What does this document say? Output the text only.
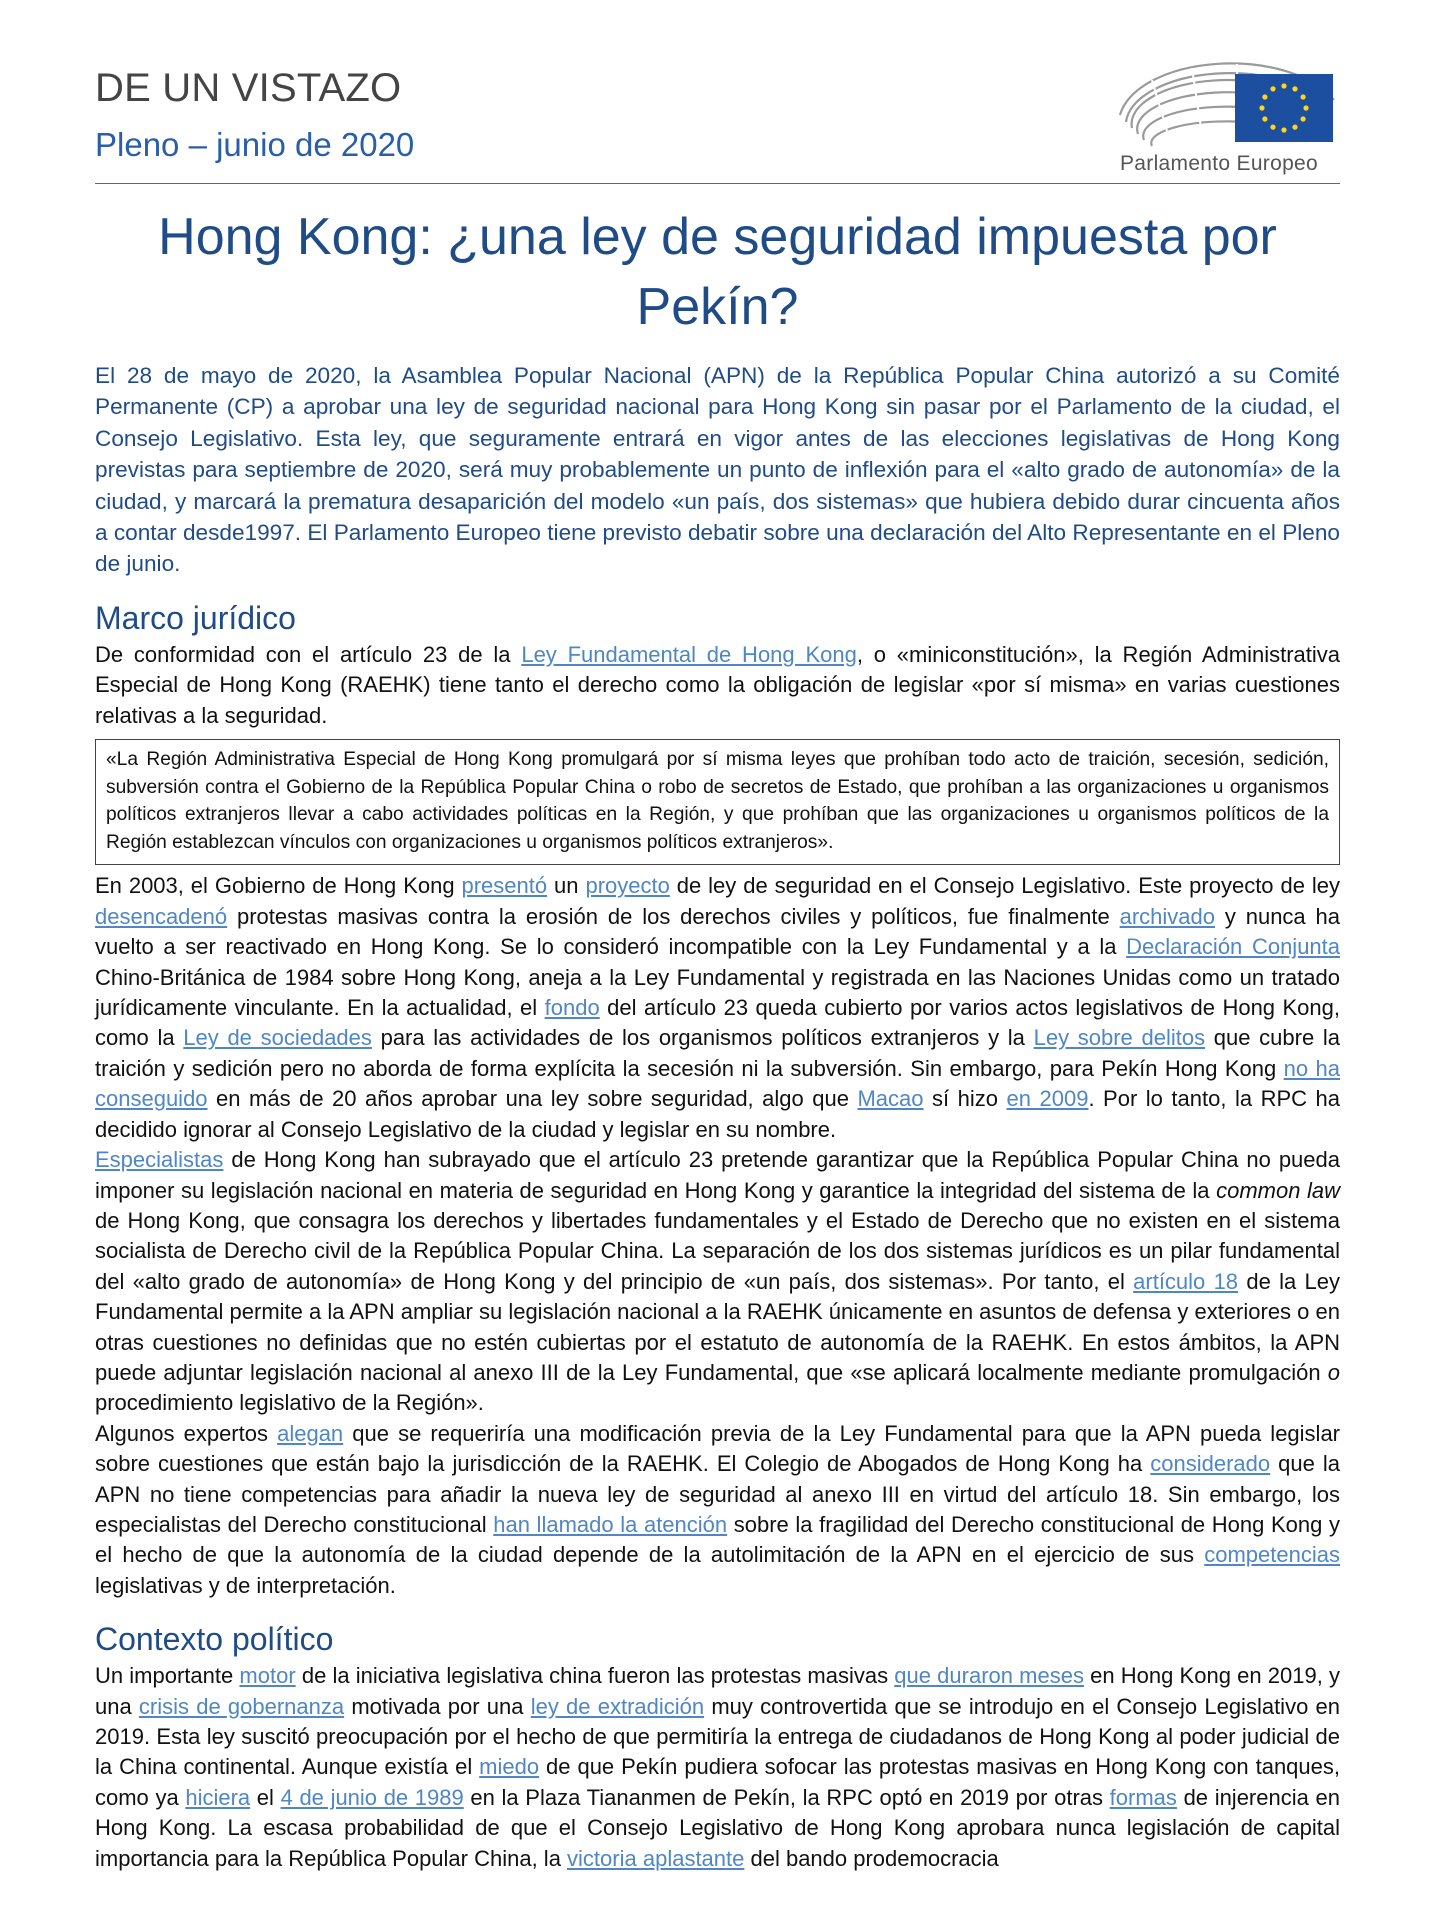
DE UN VISTAZO
Pleno – junio de 2020
Parlamento Europeo
Hong Kong: ¿una ley de seguridad impuesta por Pekín?

El 28 de mayo de 2020, la Asamblea Popular Nacional (APN) de la República Popular China autorizó a su Comité Permanente (CP) a aprobar una ley de seguridad nacional para Hong Kong sin pasar por el Parlamento de la ciudad, el Consejo Legislativo. Esta ley, que seguramente entrará en vigor antes de las elecciones legislativas de Hong Kong previstas para septiembre de 2020, será muy probablemente un punto de inflexión para el «alto grado de autonomía» de la ciudad, y marcará la prematura desaparición del modelo «un país, dos sistemas» que hubiera debido durar cincuenta años a contar desde1997. El Parlamento Europeo tiene previsto debatir sobre una declaración del Alto Representante en el Pleno de junio.

Marco jurídico

De conformidad con el artículo 23 de la Ley Fundamental de Hong Kong, o «miniconstitución», la Región Administrativa Especial de Hong Kong (RAEHK) tiene tanto el derecho como la obligación de legislar «por sí misma» en varias cuestiones relativas a la seguridad.

«La Región Administrativa Especial de Hong Kong promulgará por sí misma leyes que prohíban todo acto de traición, secesión, sedición, subversión contra el Gobierno de la República Popular China o robo de secretos de Estado, que prohíban a las organizaciones u organismos políticos extranjeros llevar a cabo actividades políticas en la Región, y que prohíban que las organizaciones u organismos políticos de la Región establezcan vínculos con organizaciones u organismos políticos extranjeros».

En 2003, el Gobierno de Hong Kong presentó un proyecto de ley de seguridad en el Consejo Legislativo. Este proyecto de ley desencadenó protestas masivas contra la erosión de los derechos civiles y políticos, fue finalmente archivado y nunca ha vuelto a ser reactivado en Hong Kong. Se lo consideró incompatible con la Ley Fundamental y a la Declaración Conjunta Chino-Británica de 1984 sobre Hong Kong, aneja a la Ley Fundamental y registrada en las Naciones Unidas como un tratado jurídicamente vinculante. En la actualidad, el fondo del artículo 23 queda cubierto por varios actos legislativos de Hong Kong, como la Ley de sociedades para las actividades de los organismos políticos extranjeros y la Ley sobre delitos que cubre la traición y sedición pero no aborda de forma explícita la secesión ni la subversión. Sin embargo, para Pekín Hong Kong no ha conseguido en más de 20 años aprobar una ley sobre seguridad, algo que Macao sí hizo en 2009. Por lo tanto, la RPC ha decidido ignorar al Consejo Legislativo de la ciudad y legislar en su nombre.

Especialistas de Hong Kong han subrayado que el artículo 23 pretende garantizar que la República Popular China no pueda imponer su legislación nacional en materia de seguridad en Hong Kong y garantice la integridad del sistema de la common law de Hong Kong, que consagra los derechos y libertades fundamentales y el Estado de Derecho que no existen en el sistema socialista de Derecho civil de la República Popular China. La separación de los dos sistemas jurídicos es un pilar fundamental del «alto grado de autonomía» de Hong Kong y del principio de «un país, dos sistemas». Por tanto, el artículo 18 de la Ley Fundamental permite a la APN ampliar su legislación nacional a la RAEHK únicamente en asuntos de defensa y exteriores o en otras cuestiones no definidas que no estén cubiertas por el estatuto de autonomía de la RAEHK. En estos ámbitos, la APN puede adjuntar legislación nacional al anexo III de la Ley Fundamental, que «se aplicará localmente mediante promulgación o procedimiento legislativo de la Región».

Algunos expertos alegan que se requeriría una modificación previa de la Ley Fundamental para que la APN pueda legislar sobre cuestiones que están bajo la jurisdicción de la RAEHK. El Colegio de Abogados de Hong Kong ha considerado que la APN no tiene competencias para añadir la nueva ley de seguridad al anexo III en virtud del artículo 18. Sin embargo, los especialistas del Derecho constitucional han llamado la atención sobre la fragilidad del Derecho constitucional de Hong Kong y el hecho de que la autonomía de la ciudad depende de la autolimitación de la APN en el ejercicio de sus competencias legislativas y de interpretación.

Contexto político

Un importante motor de la iniciativa legislativa china fueron las protestas masivas que duraron meses en Hong Kong en 2019, y una crisis de gobernanza motivada por una ley de extradición muy controvertida que se introdujo en el Consejo Legislativo en 2019. Esta ley suscitó preocupación por el hecho de que permitiría la entrega de ciudadanos de Hong Kong al poder judicial de la China continental. Aunque existía el miedo de que Pekín pudiera sofocar las protestas masivas en Hong Kong con tanques, como ya hiciera el 4 de junio de 1989 en la Plaza Tiananmen de Pekín, la RPC optó en 2019 por otras formas de injerencia en Hong Kong. La escasa probabilidad de que el Consejo Legislativo de Hong Kong aprobara nunca legislación de capital importancia para la República Popular China, la victoria aplastante del bando prodemocracia
